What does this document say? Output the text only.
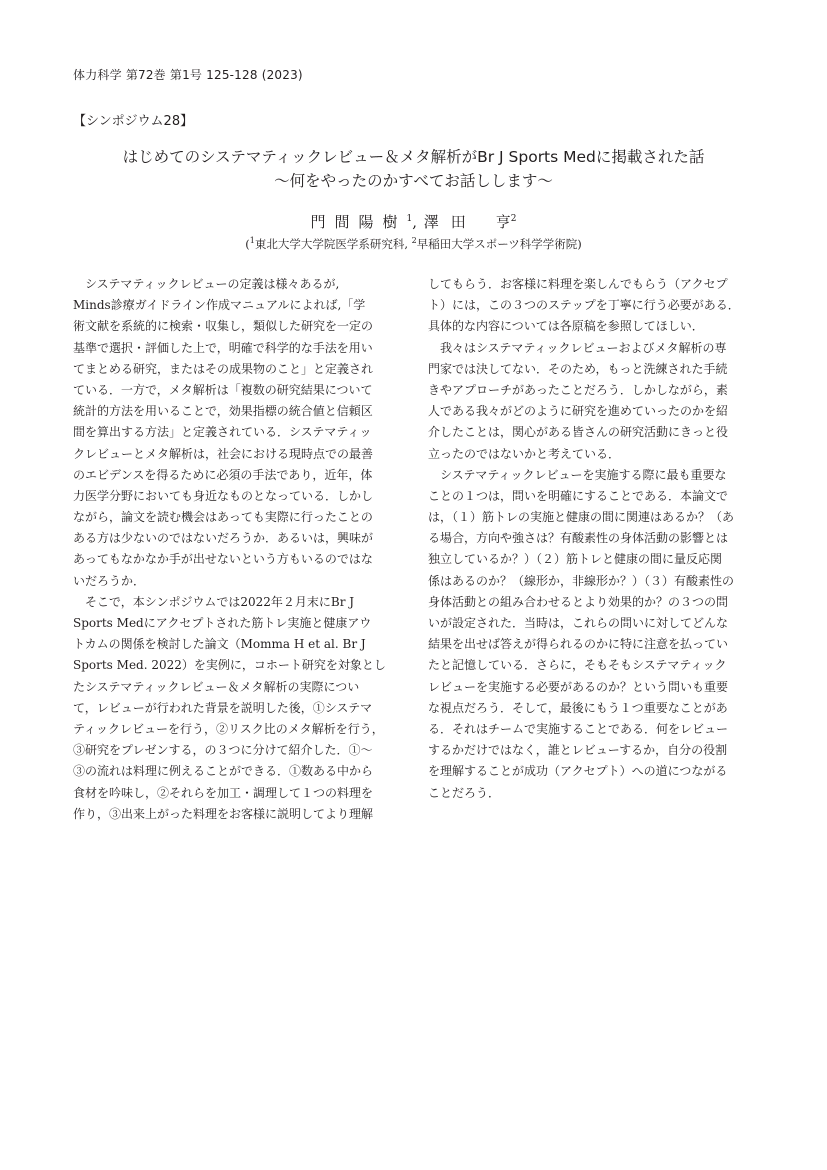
体力科学 第72巻 第1号 125-128 (2023)
【シンポジウム28】
はじめてのシステマティックレビュー＆メタ解析がBr J Sports Medに掲載された話
〜何をやったのかすべてお話しします〜
門間陽樹$^1$, 澤田 亨$^2$
($^1$東北大学大学院医学系研究科, $^2$早稲田大学スポーツ科学学術院)
　システマティックレビューの定義は様々あるが,
Minds診療ガイドライン作成マニュアルによれば,「学
術文献を系統的に検索・収集し，類似した研究を一定の
基準で選択・評価した上で，明確で科学的な手法を用い
てまとめる研究，またはその成果物のこと」と定義され
ている．一方で，メタ解析は「複数の研究結果について
統計的方法を用いることで，効果指標の統合値と信頼区
間を算出する方法」と定義されている．システマティッ
クレビューとメタ解析は，社会における現時点での最善
のエビデンスを得るために必須の手法であり，近年，体
力医学分野においても身近なものとなっている．しかし
ながら，論文を読む機会はあっても実際に行ったことの
ある方は少ないのではないだろうか．あるいは，興味が
あってもなかなか手が出せないという方もいるのではな
いだろうか．
　そこで，本シンポジウムでは2022年２月末にBr J
Sports Medにアクセプトされた筋トレ実施と健康アウ
トカムの関係を検討した論文（Momma H et al. Br J
Sports Med. 2022）を実例に，コホート研究を対象とし
たシステマティックレビュー＆メタ解析の実際につい
て，レビューが行われた背景を説明した後，①システマ
ティックレビューを行う，②リスク比のメタ解析を行う，
③研究をプレゼンする，の３つに分けて紹介した．①〜
③の流れは料理に例えることができる．①数ある中から
食材を吟味し，②それらを加工・調理して１つの料理を
作り，③出来上がった料理をお客様に説明してより理解
してもらう．お客様に料理を楽しんでもらう（アクセプ
ト）には，この３つのステップを丁寧に行う必要がある．
具体的な内容については各原稿を参照してほしい．
　我々はシステマティックレビューおよびメタ解析の専
門家では決してない．そのため，もっと洗練された手続
きやアプローチがあったことだろう．しかしながら，素
人である我々がどのように研究を進めていったのかを紹
介したことは，関心がある皆さんの研究活動にきっと役
立ったのではないかと考えている．
　システマティックレビューを実施する際に最も重要な
ことの１つは，問いを明確にすることである．本論文で
は，（１）筋トレの実施と健康の間に関連はあるか？（あ
る場合，方向や強さは？有酸素性の身体活動の影響とは
独立しているか？）（２）筋トレと健康の間に量反応関
係はあるのか？（線形か，非線形か？）（３）有酸素性の
身体活動との組み合わせるとより効果的か？の３つの問
いが設定された．当時は，これらの問いに対してどんな
結果を出せば答えが得られるのかに特に注意を払ってい
たと記憶している．さらに，そもそもシステマティック
レビューを実施する必要があるのか？という問いも重要
な視点だろう．そして，最後にもう１つ重要なことがあ
る．それはチームで実施することである．何をレビュー
するかだけではなく，誰とレビューするか，自分の役割
を理解することが成功（アクセプト）への道につながる
ことだろう．
